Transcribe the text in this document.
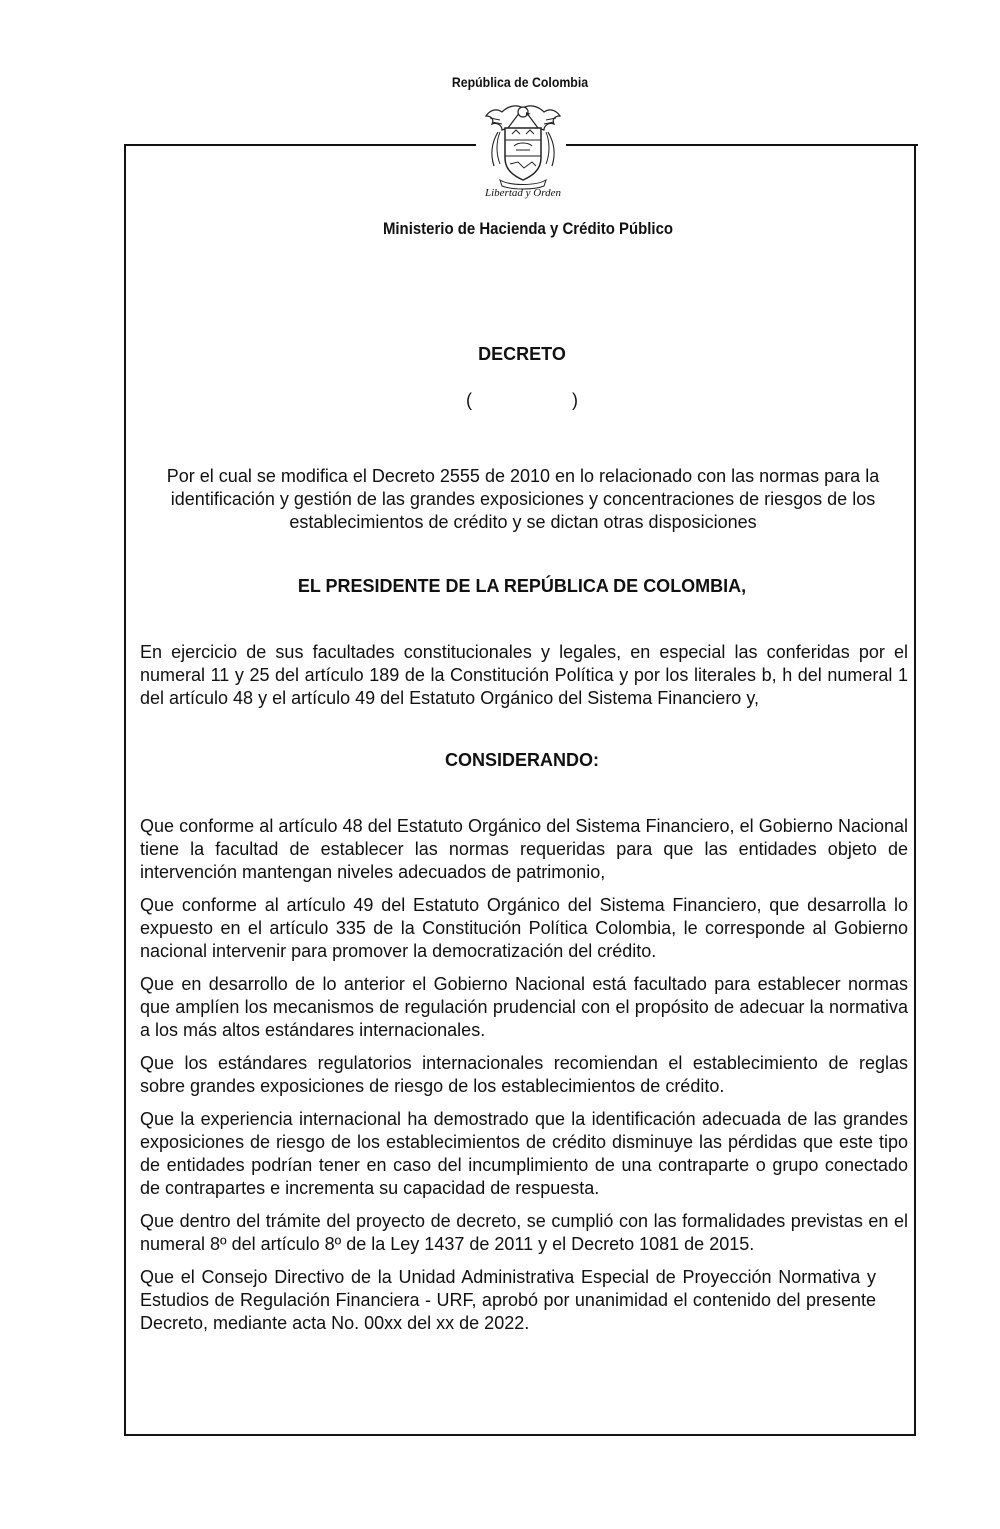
República de Colombia
Libertad y Orden
Ministerio de Hacienda y Crédito Público
DECRETO
(                    )
Por el cual se modifica el Decreto 2555 de 2010 en lo relacionado con las normas para la identificación y gestión de las grandes exposiciones y concentraciones de riesgos de los establecimientos de crédito y se dictan otras disposiciones
EL PRESIDENTE DE LA REPÚBLICA DE COLOMBIA,
En ejercicio de sus facultades constitucionales y legales, en especial las conferidas por el numeral 11 y 25 del artículo 189 de la Constitución Política y por los literales b, h del numeral 1 del artículo 48 y el artículo 49 del Estatuto Orgánico del Sistema Financiero y,
CONSIDERANDO:

Que conforme al artículo 48 del Estatuto Orgánico del Sistema Financiero, el Gobierno Nacional tiene la facultad de establecer las normas requeridas para que las entidades objeto de intervención mantengan niveles adecuados de patrimonio,

Que conforme al artículo 49 del Estatuto Orgánico del Sistema Financiero, que desarrolla lo expuesto en el artículo 335 de la Constitución Política Colombia, le corresponde al Gobierno nacional intervenir para promover la democratización del crédito.

Que en desarrollo de lo anterior el Gobierno Nacional está facultado para establecer normas que amplíen los mecanismos de regulación prudencial con el propósito de adecuar la normativa a los más altos estándares internacionales.

Que los estándares regulatorios internacionales recomiendan el establecimiento de reglas sobre grandes exposiciones de riesgo de los establecimientos de crédito.

Que la experiencia internacional ha demostrado que la identificación adecuada de las grandes exposiciones de riesgo de los establecimientos de crédito disminuye las pérdidas que este tipo de entidades podrían tener en caso del incumplimiento de una contraparte o grupo conectado de contrapartes e incrementa su capacidad de respuesta.

Que dentro del trámite del proyecto de decreto, se cumplió con las formalidades previstas en el numeral 8º del artículo 8º de la Ley 1437 de 2011 y el Decreto 1081 de 2015.

Que el Consejo Directivo de la Unidad Administrativa Especial de Proyección Normativa y Estudios de Regulación Financiera - URF, aprobó por unanimidad el contenido del presente Decreto, mediante acta No. 00xx del xx de 2022.
